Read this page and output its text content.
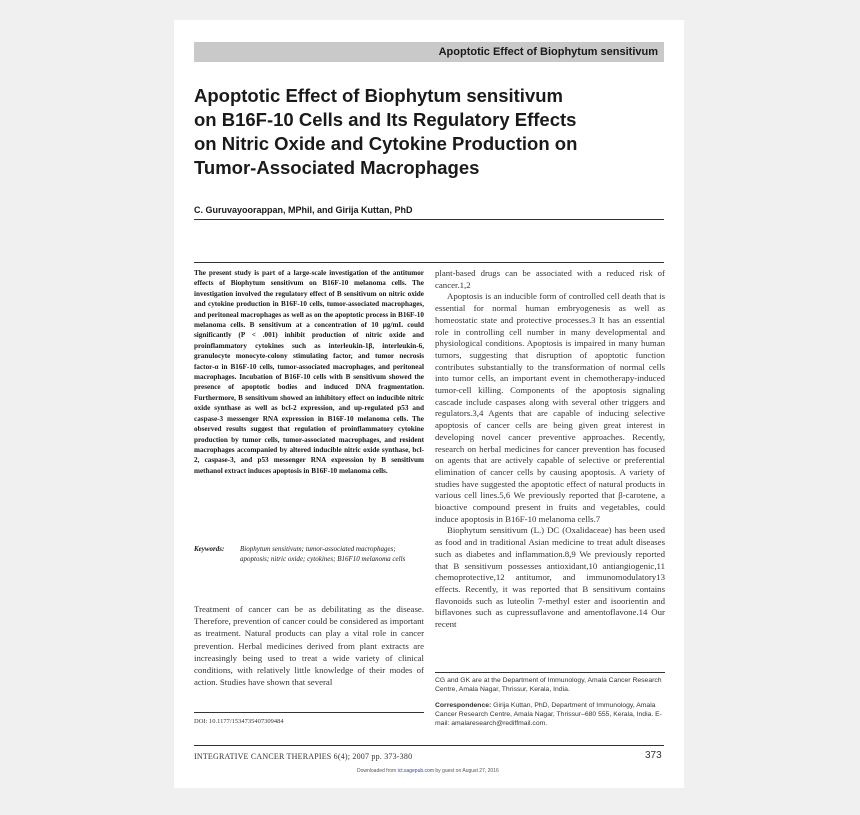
Apoptotic Effect of Biophytum sensitivum
Apoptotic Effect of Biophytum sensitivum
on B16F-10 Cells and Its Regulatory Effects
on Nitric Oxide and Cytokine Production on
Tumor-Associated Macrophages
C. Guruvayoorappan, MPhil, and Girija Kuttan, PhD

The present study is part of a large-scale investigation of the antitumor effects of Biophytum sensitivum on B16F-10 melanoma cells. The investigation involved the regulatory effect of B sensitivum on nitric oxide and cytokine production in B16F-10 cells, tumor-associated macrophages, and peritoneal macrophages as well as on the apoptotic process in B16F-10 melanoma cells. B sensitivum at a concentration of 10 μg/mL could significantly (P < .001) inhibit production of nitric oxide and proinflammatory cytokines such as interleukin-1β, interleukin-6, granulocyte monocyte-colony stimulating factor, and tumor necrosis factor-α in B16F-10 cells, tumor-associated macrophages, and peritoneal macrophages. Incubation of B16F-10 cells with B sensitivum showed the presence of apoptotic bodies and induced DNA fragmentation. Furthermore, B sensitivum showed an inhibitory effect on inducible nitric oxide synthase as well as bcl-2 expression, and up-regulated p53 and caspase-3 messenger RNA expression in B16F-10 melanoma cells. The observed results suggest that regulation of proinflammatory cytokine production by tumor cells, tumor-associated macrophages, and resident macrophages accompanied by altered inducible nitric oxide synthase, bcl-2, caspase-3, and p53 messenger RNA expression by B sensitivum methanol extract induces apoptosis in B16F-10 melanoma cells.

Keywords: Biophytum sensitivum; tumor-associated macrophages; apoptosis; nitric oxide; cytokines; B16F10 melanoma cells

Treatment of cancer can be as debilitating as the disease. Therefore, prevention of cancer could be considered as important as treatment. Natural products can play a vital role in cancer prevention. Herbal medicines derived from plant extracts are increasingly being used to treat a wide variety of clinical conditions, with relatively little knowledge of their modes of action. Studies have shown that several

DOI: 10.1177/1534735407309484

plant-based drugs can be associated with a reduced risk of cancer.1,2

Apoptosis is an inducible form of controlled cell death that is essential for normal human embryogenesis as well as homeostatic state and protective processes.3 It has an essential role in controlling cell number in many developmental and physiological conditions. Apoptosis is impaired in many human tumors, suggesting that disruption of apoptotic function contributes substantially to the transformation of normal cells into tumor cells, an important event in chemotherapy-induced tumor-cell killing. Components of the apoptosis signaling cascade include caspases along with several other triggers and regulators.3,4 Agents that are capable of inducing selective apoptosis of cancer cells are being given great interest in developing novel cancer preventive approaches. Recently, research on herbal medicines for cancer prevention has focused on agents that are actively capable of selective or preferential elimination of cancer cells by causing apoptosis. A variety of studies have suggested the apoptotic effect of natural products in various cell lines.5,6 We previously reported that β-carotene, a bioactive compound present in fruits and vegetables, could induce apoptosis in B16F-10 melanoma cells.7

Biophytum sensitivum (L.) DC (Oxalidaceae) has been used as food and in traditional Asian medicine to treat adult diseases such as diabetes and inflammation.8,9 We previously reported that B sensitivum possesses antioxidant,10 antiangiogenic,11 chemoprotective,12 antitumor, and immunomodulatory13 effects. Recently, it was reported that B sensitivum contains flavonoids such as luteolin 7-methyl ester and isoorientin and biflavones such as cupressuflavone and amentoflavone.14 Our recent

CG and GK are at the Department of Immunology, Amala Cancer Research Centre, Amala Nagar, Thrissur, Kerala, India.
Correspondence: Girija Kuttan, PhD, Department of Immunology, Amala Cancer Research Centre, Amala Nagar, Thrissur–680 555, Kerala, India. E-mail: amalaresearch@rediffmail.com.
INTEGRATIVE CANCER THERAPIES 6(4); 2007 pp. 373-380	373
Downloaded from ict.sagepub.com by guest on August 27, 2016
